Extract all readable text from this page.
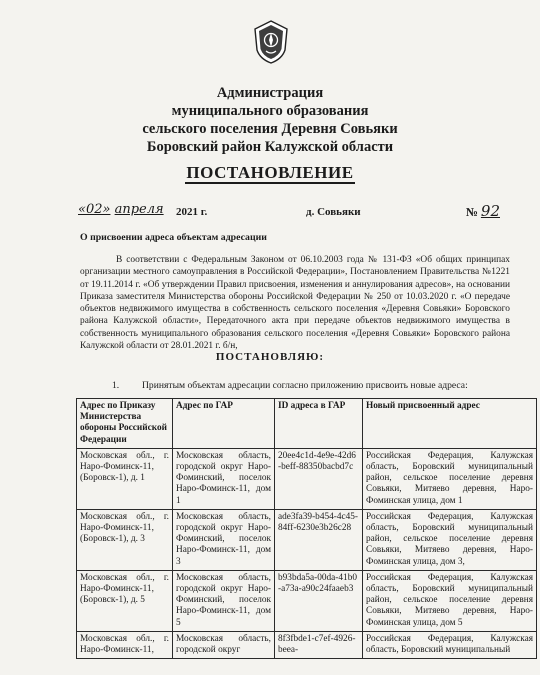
Администрация
муниципального образования
сельского поселения Деревня Совьяки
Боровский район Калужской области
ПОСТАНОВЛЕНИЕ
«02» апреля 2021 г.	д. Совьяки	№ 92
О присвоении адреса объектам адресации
В соответствии с Федеральным Законом от 06.10.2003 года № 131-ФЗ «Об общих принципах организации местного самоуправления в Российской Федерации», Постановлением Правительства №1221 от 19.11.2014 г. «Об утверждении Правил присвоения, изменения и аннулирования адресов», на основании Приказа заместителя Министерства обороны Российской Федерации № 250 от 10.03.2020 г. «О передаче объектов недвижимого имущества в собственность сельского поселения «Деревня Совьяки» Боровского района Калужской области», Передаточного акта при передаче объектов недвижимого имущества в собственность муниципального образования сельского поселения «Деревня Совьяки» Боровского района Калужской области от 28.01.2021 г. б/н,
ПОСТАНОВЛЯЮ:
1. Принятым объектам адресации согласно приложению присвоить новые адреса:
Адрес по Приказу Министерства обороны Российской Федерации	Адрес по ГАР	ID адреса в ГАР	Новый присвоенный адрес
Московская обл., г. Наро-Фоминск-11, (Боровск-1), д. 1	Московская область, городской округ Наро-Фоминский, поселок Наро-Фоминск-11, дом 1	20ee4c1d-4e9e-42d6-beff-88350bacbd7c	Российская Федерация, Калужская область, Боровский муниципальный район, сельское поселение деревня Совьяки, Митяево деревня, Наро-Фоминская улица, дом 1
Московская обл., г. Наро-Фоминск-11, (Боровск-1), д. 3	Московская область, городской округ Наро-Фоминский, поселок Наро-Фоминск-11, дом 3	ade3fa39-b454-4c45-84ff-6230e3b26c28	Российская Федерация, Калужская область, Боровский муниципальный район, сельское поселение деревня Совьяки, Митяево деревня, Наро-Фоминская улица, дом 3,
Московская обл., г. Наро-Фоминск-11, (Боровск-1), д. 5	Московская область, городской округ Наро-Фоминский, поселок Наро-Фоминск-11, дом 5	b93bda5a-00da-41b0-a73a-a90c24faaeb3	Российская Федерация, Калужская область, Боровский муниципальный район, сельское поселение деревня Совьяки, Митяево деревня, Наро-Фоминская улица, дом 5
Московская обл., г. Наро-Фоминск-11,	Московская область, городской округ	8f3fbde1-c7ef-4926-beea-	Российская Федерация, Калужская область, Боровский муниципальный
